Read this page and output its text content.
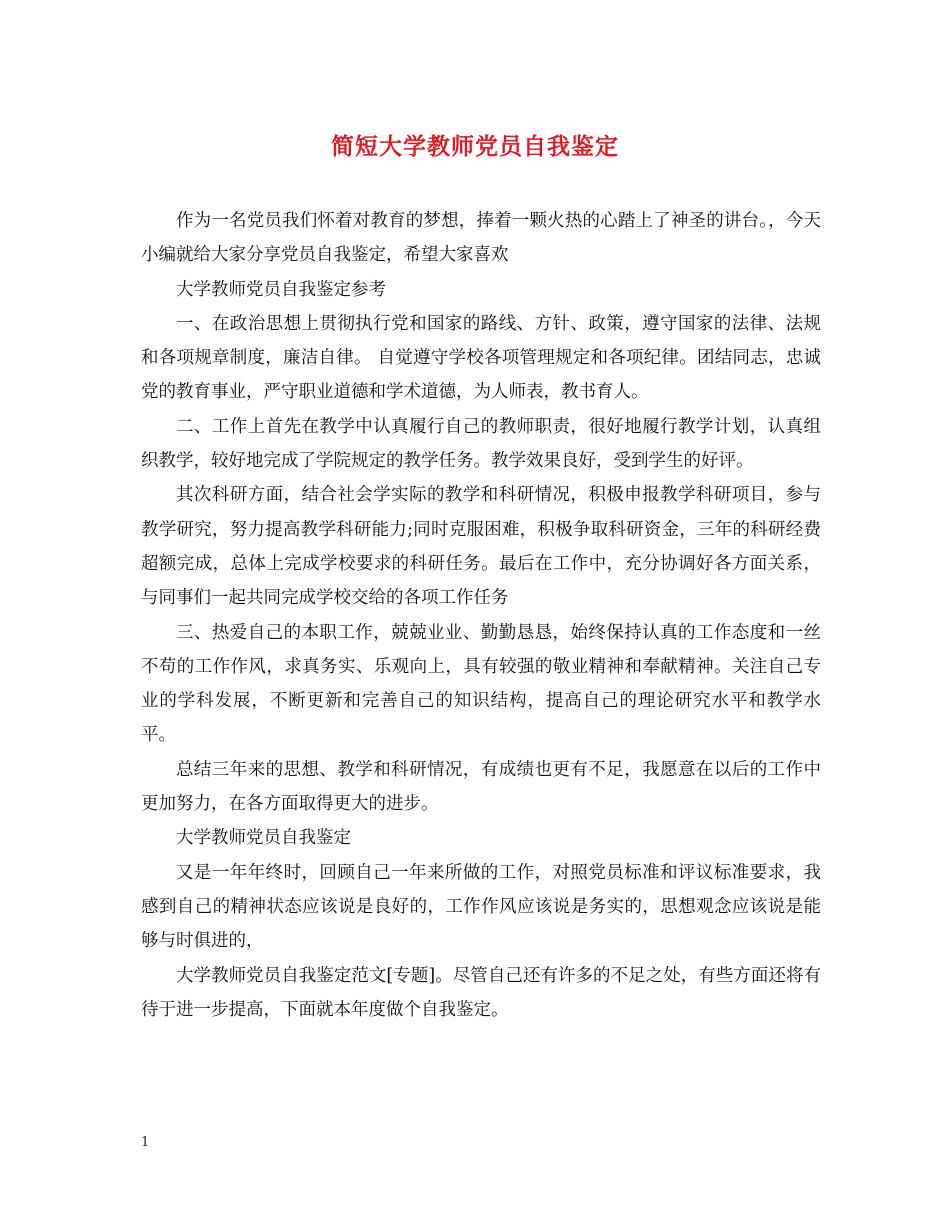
简短大学教师党员自我鉴定

作为一名党员我们怀着对教育的梦想，捧着一颗火热的心踏上了神圣的讲台。，今天小编就给大家分享党员自我鉴定，希望大家喜欢

大学教师党员自我鉴定参考

一、在政治思想上贯彻执行党和国家的路线、方针、政策，遵守国家的法律、法规和各项规章制度，廉洁自律。 自觉遵守学校各项管理规定和各项纪律。团结同志，忠诚党的教育事业，严守职业道德和学术道德，为人师表，教书育人。

二、工作上首先在教学中认真履行自己的教师职责，很好地履行教学计划，认真组织教学，较好地完成了学院规定的教学任务。教学效果良好，受到学生的好评。

其次科研方面，结合社会学实际的教学和科研情况，积极申报教学科研项目，参与教学研究，努力提高教学科研能力;同时克服困难，积极争取科研资金，三年的科研经费超额完成，总体上完成学校要求的科研任务。最后在工作中，充分协调好各方面关系，与同事们一起共同完成学校交给的各项工作任务

三、热爱自己的本职工作，兢兢业业、勤勤恳恳，始终保持认真的工作态度和一丝不苟的工作作风，求真务实、乐观向上，具有较强的敬业精神和奉献精神。关注自己专业的学科发展，不断更新和完善自己的知识结构，提高自己的理论研究水平和教学水平。

总结三年来的思想、教学和科研情况，有成绩也更有不足，我愿意在以后的工作中更加努力，在各方面取得更大的进步。

大学教师党员自我鉴定

又是一年年终时，回顾自己一年来所做的工作，对照党员标准和评议标准要求，我感到自己的精神状态应该说是良好的，工作作风应该说是务实的，思想观念应该说是能够与时俱进的，

大学教师党员自我鉴定范文[专题]。尽管自己还有许多的不足之处，有些方面还将有待于进一步提高，下面就本年度做个自我鉴定。

1
